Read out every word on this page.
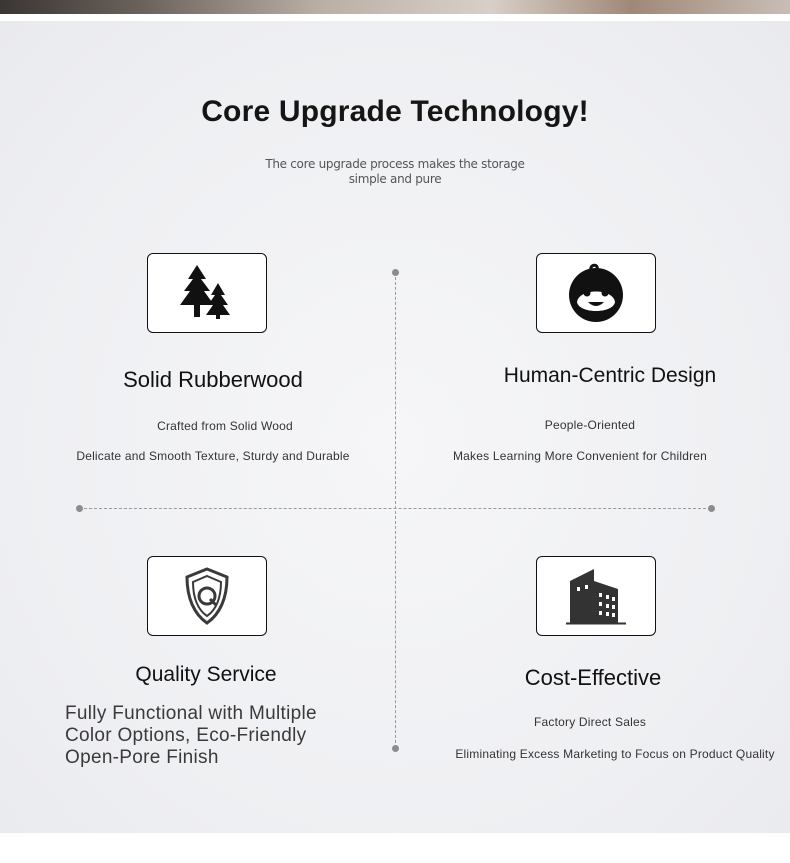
Core Upgrade Technology!
The core upgrade process makes the storage
simple and pure
Solid Rubberwood
Crafted from Solid Wood
Delicate and Smooth Texture, Sturdy and Durable
Human-Centric Design
People-Oriented
Makes Learning More Convenient for Children
Quality Service
Fully Functional with Multiple
Color Options, Eco-Friendly
Open-Pore Finish
Cost-Effective
Factory Direct Sales
Eliminating Excess Marketing to Focus on Product Quality
